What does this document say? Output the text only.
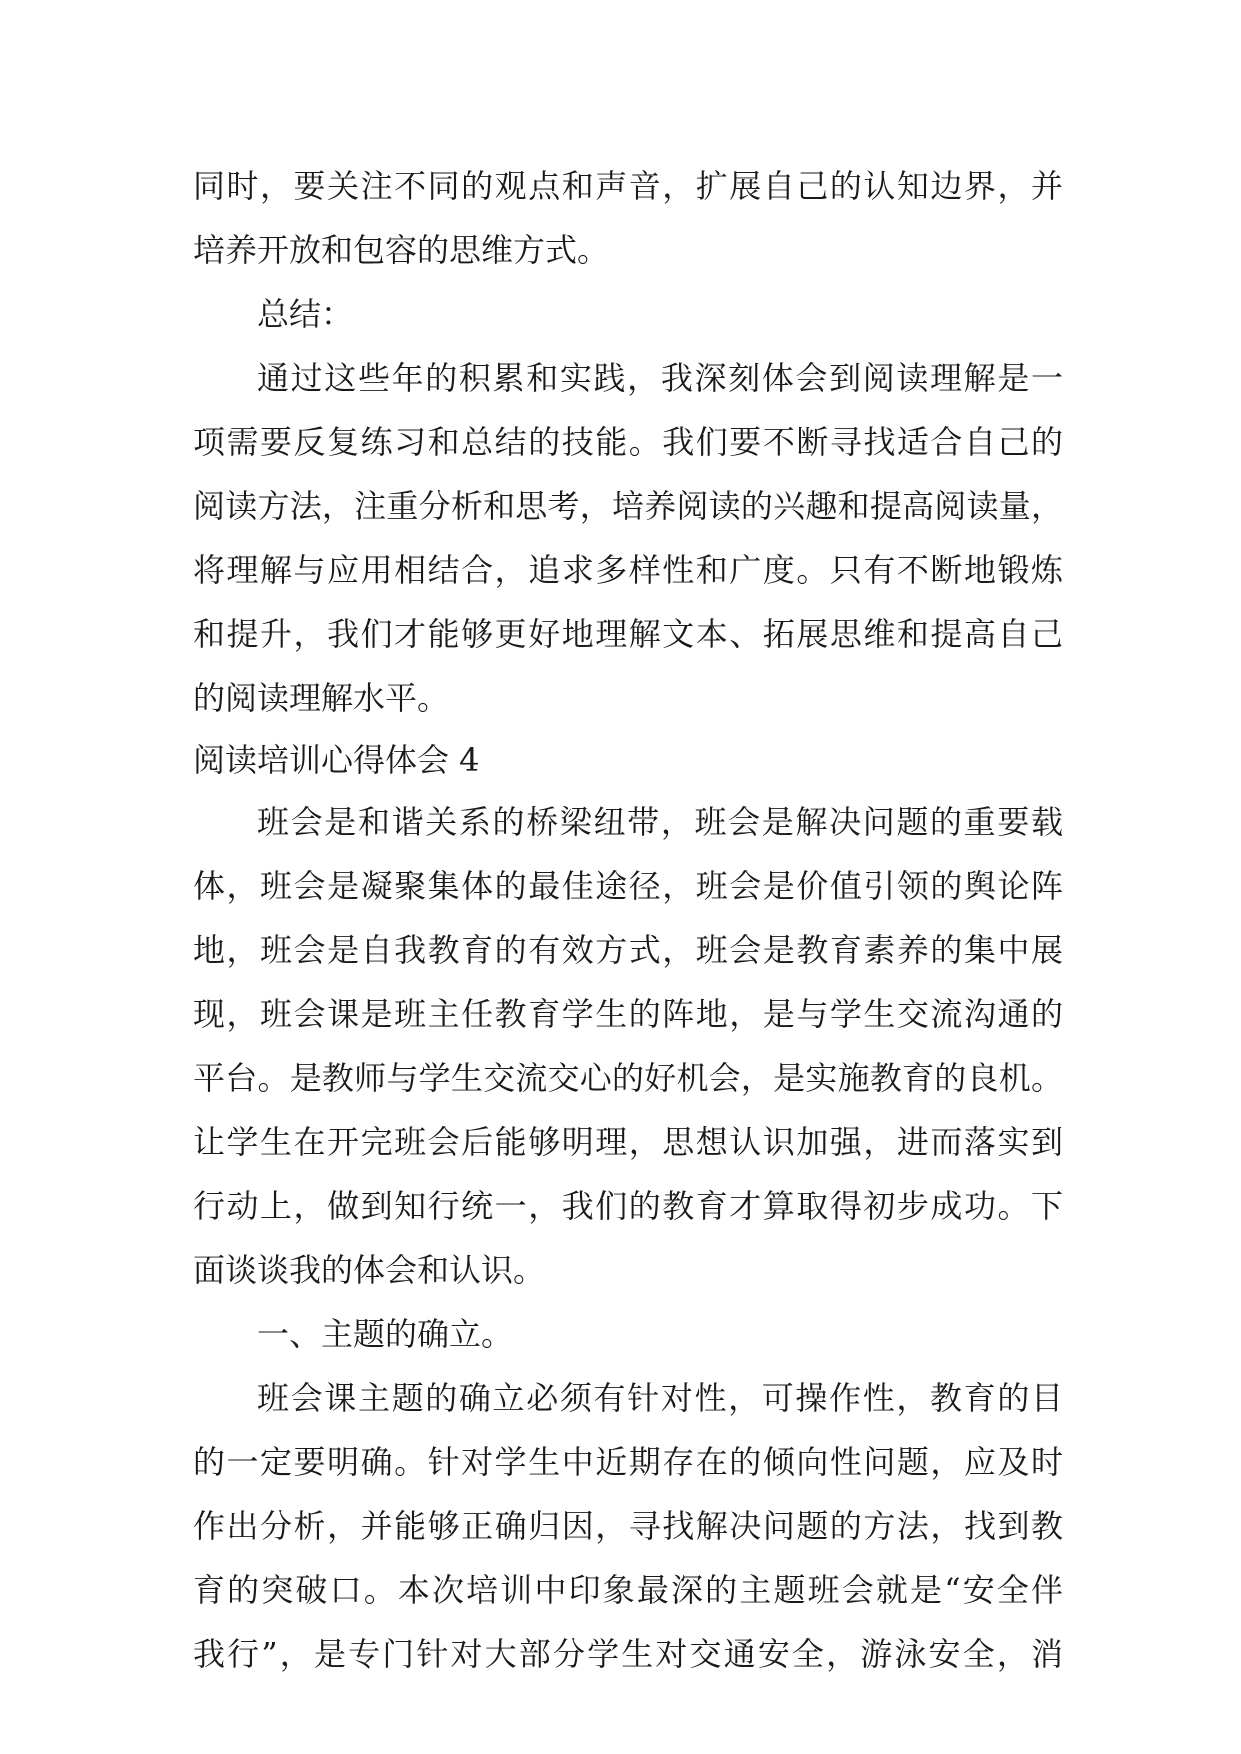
同时，要关注不同的观点和声音，扩展自己的认知边界，并
培养开放和包容的思维方式。
总结：
通过这些年的积累和实践，我深刻体会到阅读理解是一
项需要反复练习和总结的技能。我们要不断寻找适合自己的
阅读方法，注重分析和思考，培养阅读的兴趣和提高阅读量，
将理解与应用相结合，追求多样性和广度。只有不断地锻炼
和提升，我们才能够更好地理解文本、拓展思维和提高自己
的阅读理解水平。
阅读培训心得体会 4
班会是和谐关系的桥梁纽带，班会是解决问题的重要载
体，班会是凝聚集体的最佳途径，班会是价值引领的舆论阵
地，班会是自我教育的有效方式，班会是教育素养的集中展
现，班会课是班主任教育学生的阵地，是与学生交流沟通的
平台。是教师与学生交流交心的好机会，是实施教育的良机。
让学生在开完班会后能够明理，思想认识加强，进而落实到
行动上，做到知行统一，我们的教育才算取得初步成功。下
面谈谈我的体会和认识。
一、主题的确立。
班会课主题的确立必须有针对性，可操作性，教育的目
的一定要明确。针对学生中近期存在的倾向性问题，应及时
作出分析，并能够正确归因，寻找解决问题的方法，找到教
育的突破口。本次培训中印象最深的主题班会就是“安全伴
我行”，是专门针对大部分学生对交通安全，游泳安全，消
